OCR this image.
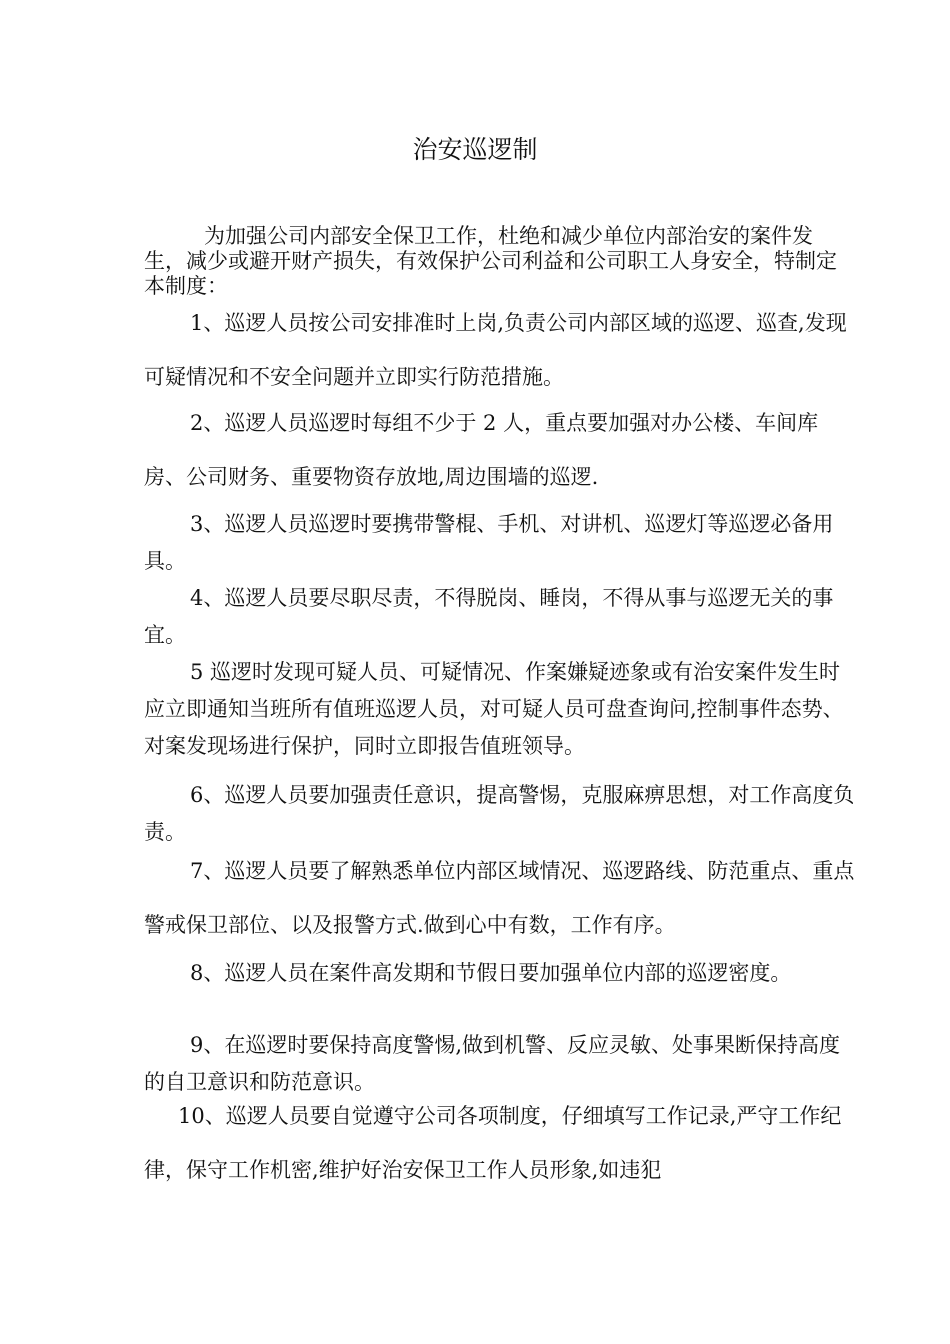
治安巡逻制

为加强公司内部安全保卫工作，杜绝和减少单位内部治安的案件发生，减少或避开财产损失，有效保护公司利益和公司职工人身安全，特制定本制度：

1、巡逻人员按公司安排准时上岗,负责公司内部区域的巡逻、巡查,发现可疑情况和不安全问题并立即实行防范措施。

2、巡逻人员巡逻时每组不少于 2 人，重点要加强对办公楼、车间库房、公司财务、重要物资存放地,周边围墙的巡逻.

3、巡逻人员巡逻时要携带警棍、手机、对讲机、巡逻灯等巡逻必备用具。

4、巡逻人员要尽职尽责，不得脱岗、睡岗，不得从事与巡逻无关的事宜。

5 巡逻时发现可疑人员、可疑情况、作案嫌疑迹象或有治安案件发生时应立即通知当班所有值班巡逻人员，对可疑人员可盘查询问,控制事件态势、对案发现场进行保护，同时立即报告值班领导。

6、巡逻人员要加强责任意识，提高警惕，克服麻痹思想，对工作高度负责。

7、巡逻人员要了解熟悉单位内部区域情况、巡逻路线、防范重点、重点警戒保卫部位、以及报警方式.做到心中有数，工作有序。

8、巡逻人员在案件高发期和节假日要加强单位内部的巡逻密度。

9、在巡逻时要保持高度警惕,做到机警、反应灵敏、处事果断保持高度的自卫意识和防范意识。

10、巡逻人员要自觉遵守公司各项制度，仔细填写工作记录,严守工作纪律，保守工作机密,维护好治安保卫工作人员形象,如违犯
